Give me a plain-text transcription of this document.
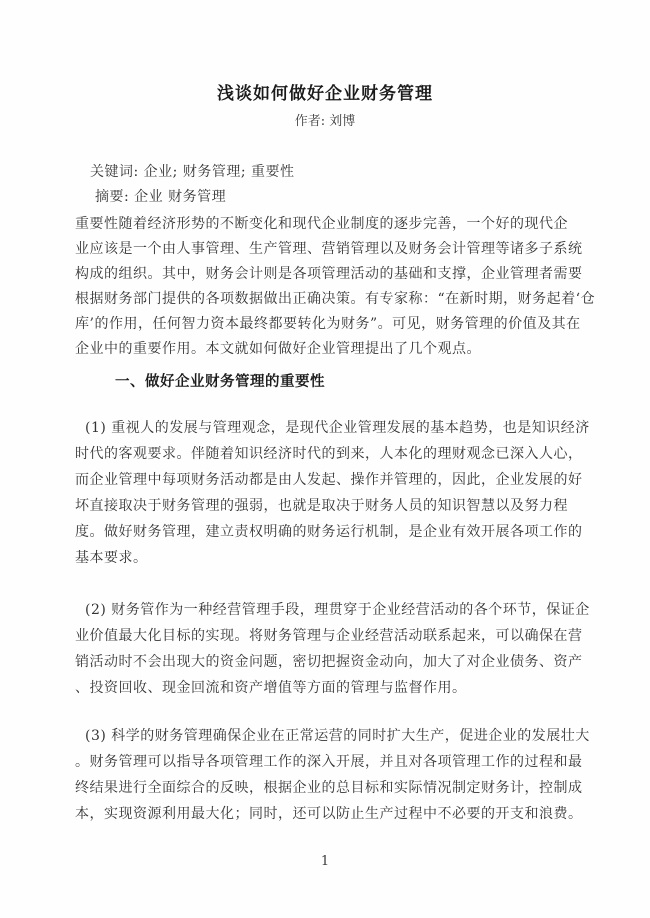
浅谈如何做好企业财务管理
作者: 刘博
关键词: 企业; 财务管理; 重要性
摘要: 企业 财务管理
重要性随着经济形势的不断变化和现代企业制度的逐步完善，一个好的现代企
业应该是一个由人事管理、生产管理、营销管理以及财务会计管理等诸多子系统
构成的组织。其中，财务会计则是各项管理活动的基础和支撑，企业管理者需要
根据财务部门提供的各项数据做出正确决策。有专家称：“在新时期，财务起着‘仓
库’的作用，任何智力资本最终都要转化为财务”。可见，财务管理的价值及其在
企业中的重要作用。本文就如何做好企业管理提出了几个观点。
一、做好企业财务管理的重要性
(1) 重视人的发展与管理观念，是现代企业管理发展的基本趋势，也是知识经济
时代的客观要求。伴随着知识经济时代的到来，人本化的理财观念已深入人心，
而企业管理中每项财务活动都是由人发起、操作并管理的，因此，企业发展的好
坏直接取决于财务管理的强弱，也就是取决于财务人员的知识智慧以及努力程
度。做好财务管理，建立责权明确的财务运行机制，是企业有效开展各项工作的
基本要求。
(2) 财务管作为一种经营管理手段，理贯穿于企业经营活动的各个环节，保证企
业价值最大化目标的实现。将财务管理与企业经营活动联系起来，可以确保在营
销活动时不会出现大的资金问题，密切把握资金动向，加大了对企业债务、资产
、投资回收、现金回流和资产增值等方面的管理与监督作用。
(3) 科学的财务管理确保企业在正常运营的同时扩大生产，促进企业的发展壮大
。财务管理可以指导各项管理工作的深入开展，并且对各项管理工作的过程和最
终结果进行全面综合的反映，根据企业的总目标和实际情况制定财务计，控制成
本，实现资源利用最大化；同时，还可以防止生产过程中不必要的开支和浪费。
1
